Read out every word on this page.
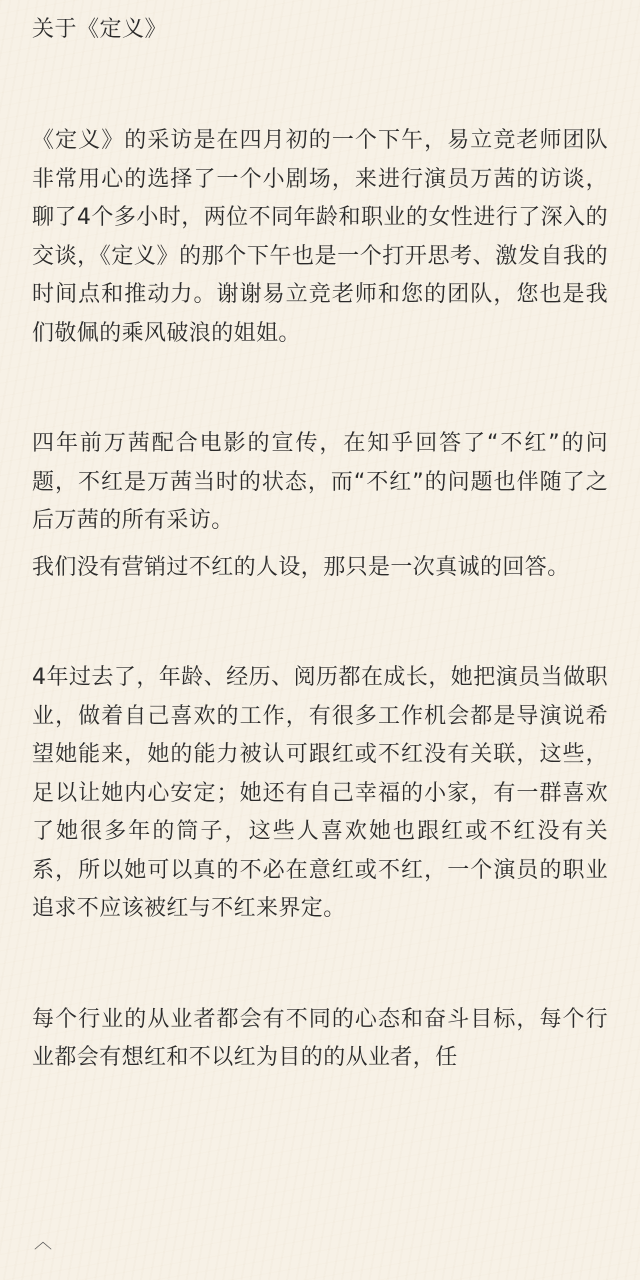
关于《定义》

《定义》的采访是在四月初的一个下午，易立竞老师团队非常用心的选择了一个小剧场，来进行演员万茜的访谈，聊了4个多小时，两位不同年龄和职业的女性进行了深入的交谈，《定义》的那个下午也是一个打开思考、激发自我的时间点和推动力。谢谢易立竞老师和您的团队，您也是我们敬佩的乘风破浪的姐姐。

四年前万茜配合电影的宣传，在知乎回答了“不红”的问题，不红是万茜当时的状态，而“不红”的问题也伴随了之后万茜的所有采访。

我们没有营销过不红的人设，那只是一次真诚的回答。

4年过去了，年龄、经历、阅历都在成长，她把演员当做职业，做着自己喜欢的工作，有很多工作机会都是导演说希望她能来，她的能力被认可跟红或不红没有关联，这些，足以让她内心安定；她还有自己幸福的小家，有一群喜欢了她很多年的筒子，这些人喜欢她也跟红或不红没有关系，所以她可以真的不必在意红或不红，一个演员的职业追求不应该被红与不红来界定。

每个行业的从业者都会有不同的心态和奋斗目标，每个行业都会有想红和不以红为目的的从业者，任

︿
